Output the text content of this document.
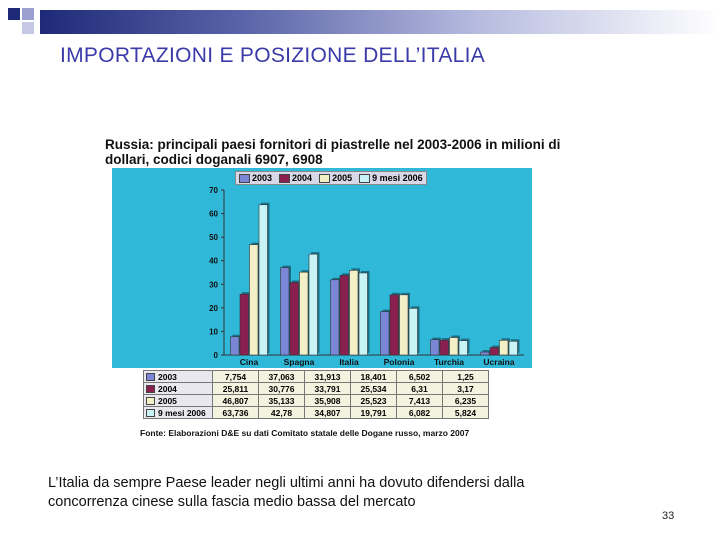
IMPORTAZIONI E POSIZIONE DELL’ITALIA
Russia: principali paesi fornitori di piastrelle nel 2003-2006 in milioni di
dollari, codici doganali 6907, 6908
0
10
20
30
40
50
60
70
Cina	Spagna	Italia	Polonia Turchia Ucraina
2003 2004 2005 9 mesi 2006
2003	7,754	37,063	31,913	18,401	6,502	1,25
2004	25,811	30,776	33,791	25,534	6,31	3,17
2005	46,807	35,133	35,908	25,523	7,413	6,235
9 mesi 2006	63,736	42,78	34,807	19,791	6,082	5,824
Fonte: Elaborazioni D&E su dati Comitato statale delle Dogane russo, marzo 2007
L’Italia da sempre Paese leader negli ultimi anni ha dovuto difendersi dalla
concorrenza cinese sulla fascia medio bassa del mercato
33
